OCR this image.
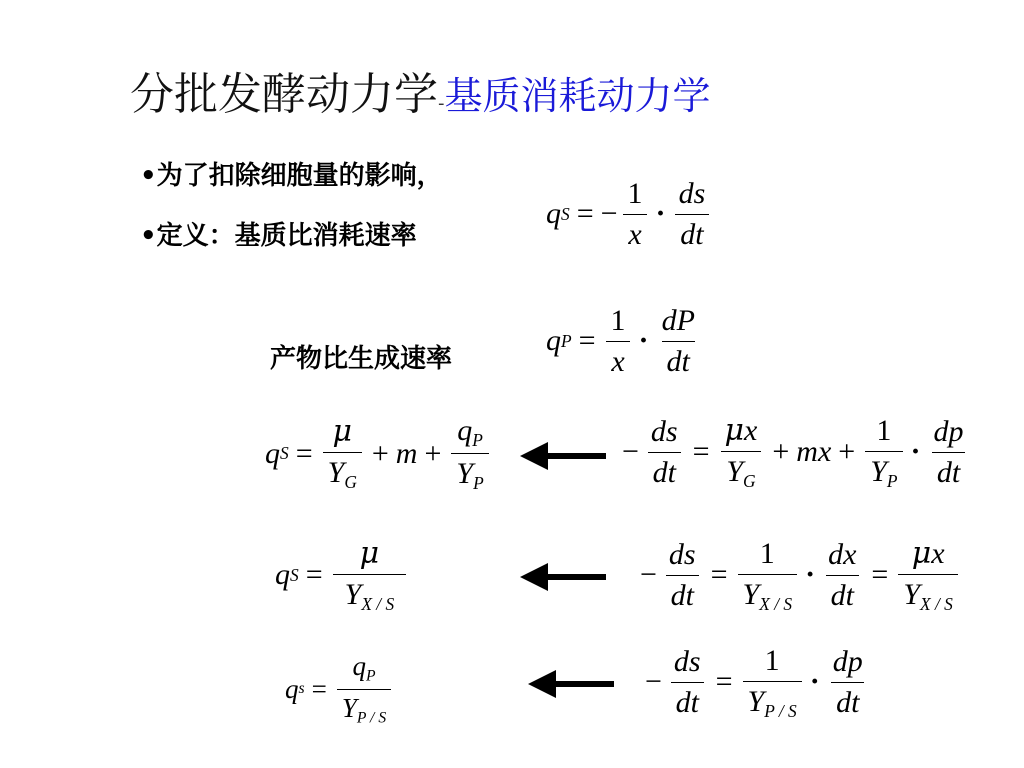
分批发酵动力学-基质消耗动力学
•为了扣除细胞量的影响，
•定义：基质比消耗速率
产物比生成速率
q S = − $\frac{1}{x} \cdot \frac{ds}{dt}$
q $P = \frac{1}{x} \cdot \frac{dP}{dt}$
q $S = \frac{\mu}{Y_G} + m + \frac{q_P}{Y_P}$	− $\frac{ds}{dt} = \frac{\mu x}{Y_G}$ + mx + $\frac{1}{Y_P} \cdot \frac{dp}{dt}$
q $S = \frac{\mu}{Y_{X / S}}$	− $\frac{ds}{dt} = \frac{1}{Y_{X / S}} \cdot \frac{dx}{dt} = \frac{\mu x}{Y_{X / S}}$
q $s = \frac{q_P}{Y_{P / S}}$	− $\frac{ds}{dt} = \frac{1}{Y_{P / S}} \cdot \frac{dp}{dt}$
